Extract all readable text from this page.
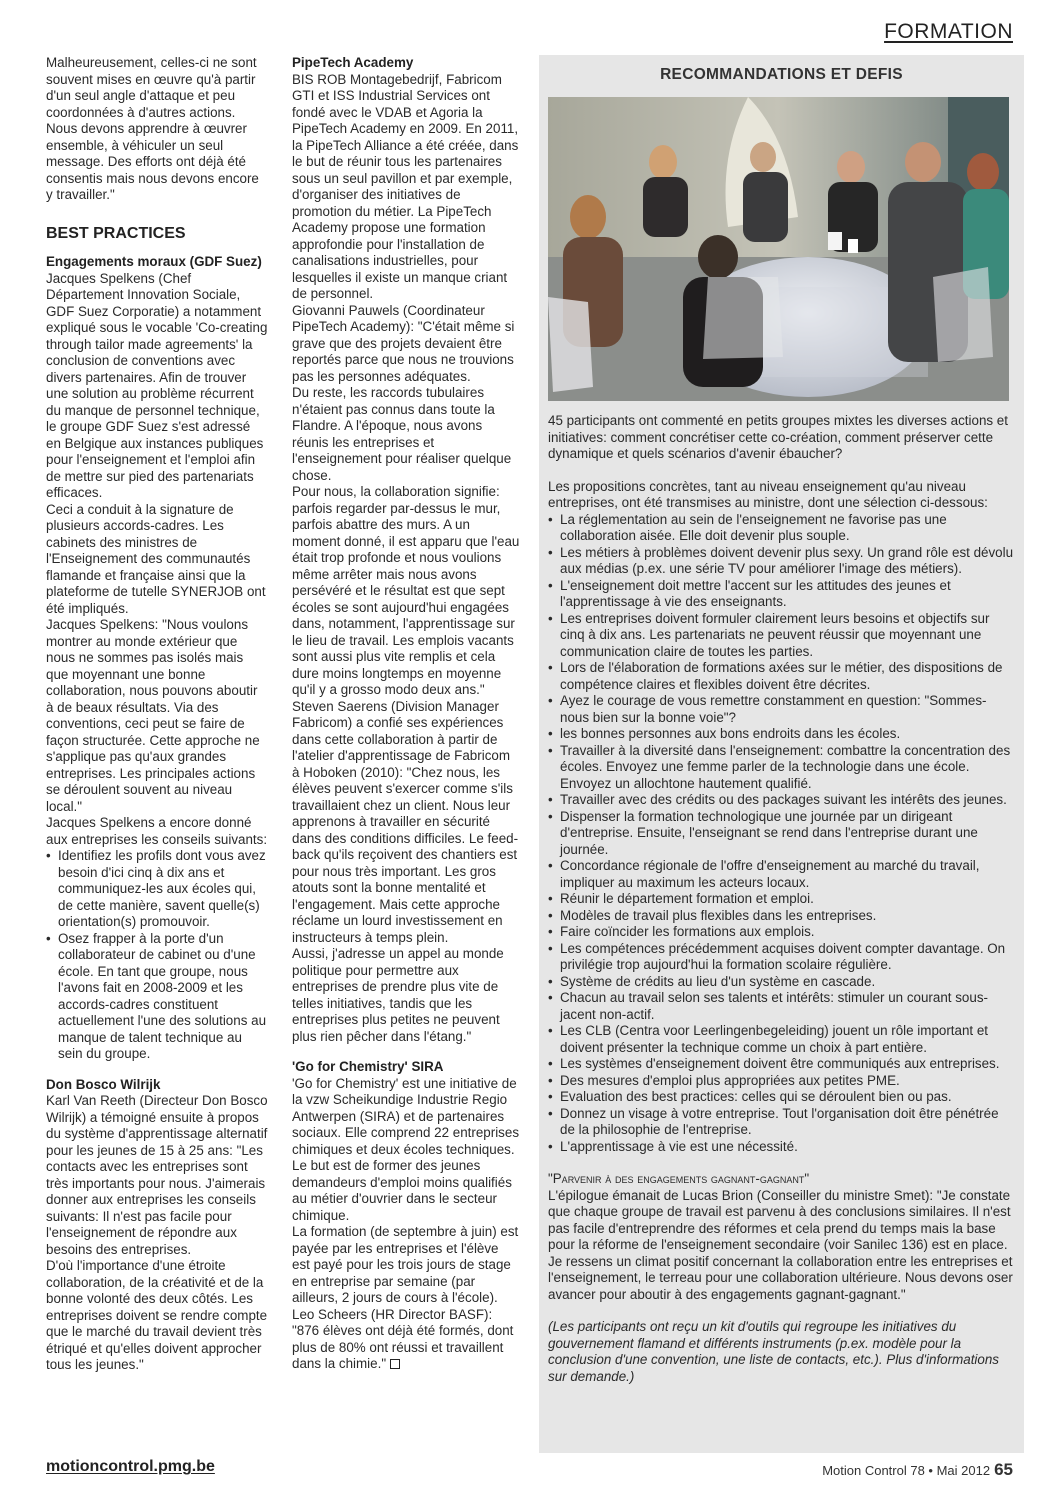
FORMATION

Malheureusement, celles-ci ne sont souvent mises en œuvre qu'à partir d'un seul angle d'attaque et peu coordonnées à d'autres actions. Nous devons apprendre à œuvrer ensemble, à véhiculer un seul message. Des efforts ont déjà été consentis mais nous devons encore y travailler."

BEST PRACTICES

Engagements moraux (GDF Suez)

Jacques Spelkens (Chef Département Innovation Sociale, GDF Suez Corporatie) a notamment expliqué sous le vocable 'Co-creating through tailor made agreements' la conclusion de conventions avec divers partenaires. Afin de trouver une solution au problème récurrent du manque de personnel technique, le groupe GDF Suez s'est adressé en Belgique aux instances publiques pour l'enseignement et l'emploi afin de mettre sur pied des partenariats efficaces.

Ceci a conduit à la signature de plusieurs accords-cadres. Les cabinets des ministres de l'Enseignement des communautés flamande et française ainsi que la plateforme de tutelle SYNERJOB ont été impliqués.

Jacques Spelkens: "Nous voulons montrer au monde extérieur que nous ne sommes pas isolés mais que moyennant une bonne collaboration, nous pouvons aboutir à de beaux résultats. Via des conventions, ceci peut se faire de façon structurée. Cette approche ne s'applique pas qu'aux grandes entreprises. Les principales actions se déroulent souvent au niveau local."

Jacques Spelkens a encore donné aux entreprises les conseils suivants:

• Identifiez les profils dont vous avez besoin d'ici cinq à dix ans et communiquez-les aux écoles qui, de cette manière, savent quelle(s) orientation(s) promouvoir.
• Osez frapper à la porte d'un collaborateur de cabinet ou d'une école. En tant que groupe, nous l'avons fait en 2008-2009 et les accords-cadres constituent actuellement l'une des solutions au manque de talent technique au sein du groupe.

Don Bosco Wilrijk

Karl Van Reeth (Directeur Don Bosco Wilrijk) a témoigné ensuite à propos du système d'apprentissage alternatif pour les jeunes de 15 à 25 ans: "Les contacts avec les entreprises sont très importants pour nous. J'aimerais donner aux entreprises les conseils suivants: Il n'est pas facile pour l'enseignement de répondre aux besoins des entreprises.

D'où l'importance d'une étroite collaboration, de la créativité et de la bonne volonté des deux côtés. Les entreprises doivent se rendre compte que le marché du travail devient très étriqué et qu'elles doivent approcher tous les jeunes."

PipeTech Academy

BIS ROB Montagebedrijf, Fabricom GTI et ISS Industrial Services ont fondé avec le VDAB et Agoria la PipeTech Academy en 2009. En 2011, la PipeTech Alliance a été créée, dans le but de réunir tous les partenaires sous un seul pavillon et par exemple, d'organiser des initiatives de promotion du métier. La PipeTech Academy propose une formation approfondie pour l'installation de canalisations industrielles, pour lesquelles il existe un manque criant de personnel.

Giovanni Pauwels (Coordinateur PipeTech Academy): "C'était même si grave que des projets devaient être reportés parce que nous ne trouvions pas les personnes adéquates.

Du reste, les raccords tubulaires n'étaient pas connus dans toute la Flandre. A l'époque, nous avons réunis les entreprises et l'enseignement pour réaliser quelque chose.

Pour nous, la collaboration signifie: parfois regarder par-dessus le mur, parfois abattre des murs. A un moment donné, il est apparu que l'eau était trop profonde et nous voulions même arrêter mais nous avons persévéré et le résultat est que sept écoles se sont aujourd'hui engagées dans, notamment, l'apprentissage sur le lieu de travail. Les emplois vacants sont aussi plus vite remplis et cela dure moins longtemps en moyenne qu'il y a grosso modo deux ans."

Steven Saerens (Division Manager Fabricom) a confié ses expériences dans cette collaboration à partir de l'atelier d'apprentissage de Fabricom à Hoboken (2010): "Chez nous, les élèves peuvent s'exercer comme s'ils travaillaient chez un client. Nous leur apprenons à travailler en sécurité dans des conditions difficiles. Le feed-back qu'ils reçoivent des chantiers est pour nous très important. Les gros atouts sont la bonne mentalité et l'engagement. Mais cette approche réclame un lourd investissement en instructeurs à temps plein.

Aussi, j'adresse un appel au monde politique pour permettre aux entreprises de prendre plus vite de telles initiatives, tandis que les entreprises plus petites ne peuvent plus rien pêcher dans l'étang."

'Go for Chemistry' SIRA

'Go for Chemistry' est une initiative de la vzw Scheikundige Industrie Regio Antwerpen (SIRA) et de partenaires sociaux. Elle comprend 22 entreprises chimiques et deux écoles techniques. Le but est de former des jeunes demandeurs d'emploi moins qualifiés au métier d'ouvrier dans le secteur chimique.

La formation (de septembre à juin) est payée par les entreprises et l'élève est payé pour les trois jours de stage en entreprise par semaine (par ailleurs, 2 jours de cours à l'école).

Leo Scheers (HR Director BASF): "876 élèves ont déjà été formés, dont plus de 80% ont réussi et travaillent dans la chimie."

RECOMMANDATIONS ET DEFIS

45 participants ont commenté en petits groupes mixtes les diverses actions et initiatives: comment concrétiser cette co-création, comment préserver cette dynamique et quels scénarios d'avenir ébaucher?

Les propositions concrètes, tant au niveau enseignement qu'au niveau entreprises, ont été transmises au ministre, dont une sélection ci-dessous:

• La réglementation au sein de l'enseignement ne favorise pas une collaboration aisée. Elle doit devenir plus souple.
• Les métiers à problèmes doivent devenir plus sexy. Un grand rôle est dévolu aux médias (p.ex. une série TV pour améliorer l'image des métiers).
• L'enseignement doit mettre l'accent sur les attitudes des jeunes et l'apprentissage à vie des enseignants.
• Les entreprises doivent formuler clairement leurs besoins et objectifs sur cinq à dix ans. Les partenariats ne peuvent réussir que moyennant une communication claire de toutes les parties.
• Lors de l'élaboration de formations axées sur le métier, des dispositions de compétence claires et flexibles doivent être décrites.
• Ayez le courage de vous remettre constamment en question: "Sommes-nous bien sur la bonne voie"?
• les bonnes personnes aux bons endroits dans les écoles.
• Travailler à la diversité dans l'enseignement: combattre la concentration des écoles. Envoyez une femme parler de la technologie dans une école. Envoyez un allochtone hautement qualifié.
• Travailler avec des crédits ou des packages suivant les intérêts des jeunes.
• Dispenser la formation technologique une journée par un dirigeant d'entreprise. Ensuite, l'enseignant se rend dans l'entreprise durant une journée.
• Concordance régionale de l'offre d'enseignement au marché du travail, impliquer au maximum les acteurs locaux.
• Réunir le département formation et emploi.
• Modèles de travail plus flexibles dans les entreprises.
• Faire coïncider les formations aux emplois.
• Les compétences précédemment acquises doivent compter davantage. On privilégie trop aujourd'hui la formation scolaire régulière.
• Système de crédits au lieu d'un système en cascade.
• Chacun au travail selon ses talents et intérêts: stimuler un courant sous-jacent non-actif.
• Les CLB (Centra voor Leerlingenbegeleiding) jouent un rôle important et doivent présenter la technique comme un choix à part entière.
• Les systèmes d'enseignement doivent être communiqués aux entreprises.
• Des mesures d'emploi plus appropriées aux petites PME.
• Evaluation des best practices: celles qui se déroulent bien ou pas.
• Donnez un visage à votre entreprise. Tout l'organisation doit être pénétrée de la philosophie de l'entreprise.
• L'apprentissage à vie est une nécessité.

"Parvenir à des engagements gagnant-gagnant"

L'épilogue émanait de Lucas Brion (Conseiller du ministre Smet): "Je constate que chaque groupe de travail est parvenu à des conclusions similaires. Il n'est pas facile d'entreprendre des réformes et cela prend du temps mais la base pour la réforme de l'enseignement secondaire (voir Sanilec 136) est en place. Je ressens un climat positif concernant la collaboration entre les entreprises et l'enseignement, le terreau pour une collaboration ultérieure. Nous devons oser avancer pour aboutir à des engagements gagnant-gagnant."

(Les participants ont reçu un kit d'outils qui regroupe les initiatives du gouvernement flamand et différents instruments (p.ex. modèle pour la conclusion d'une convention, une liste de contacts, etc.). Plus d'informations sur demande.)

motioncontrol.pmg.be	Motion Control 78 • Mai 2012 65
